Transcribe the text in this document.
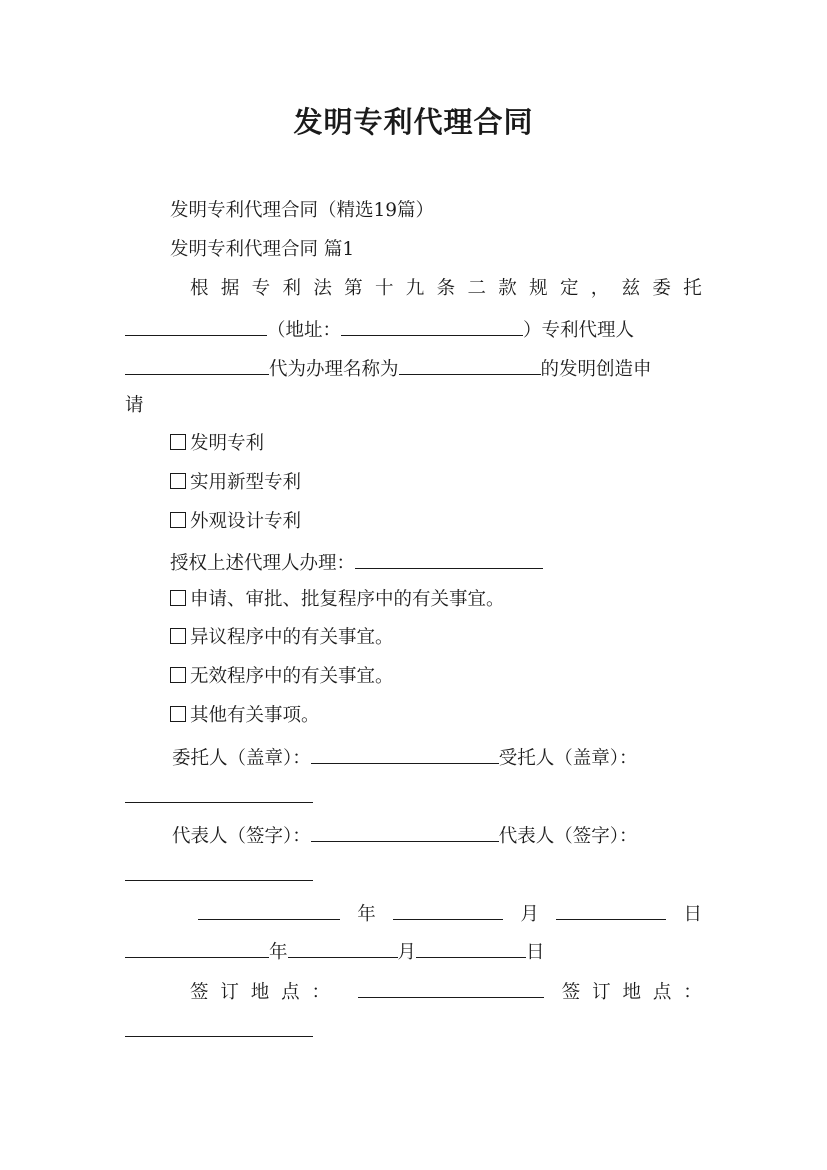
发明专利代理合同
发明专利代理合同（精选19篇）
发明专利代理合同 篇1
根 据 专 利 法 第 十 九 条 二 款 规 定 ， 兹 委 托
（地址：	）专利代理人
代为办理名称为	的发明创造申
请
发明专利
实用新型专利
外观设计专利
授权上述代理人办理：
申请、审批、批复程序中的有关事宜。
异议程序中的有关事宜。
无效程序中的有关事宜。
其他有关事项。
委托人（盖章）：	受托人（盖章）：
代表人（签字）：	代表人（签字）：
年	月	日
年	月	日
签 订 地 点 ：
	签 订 地 点 ：
